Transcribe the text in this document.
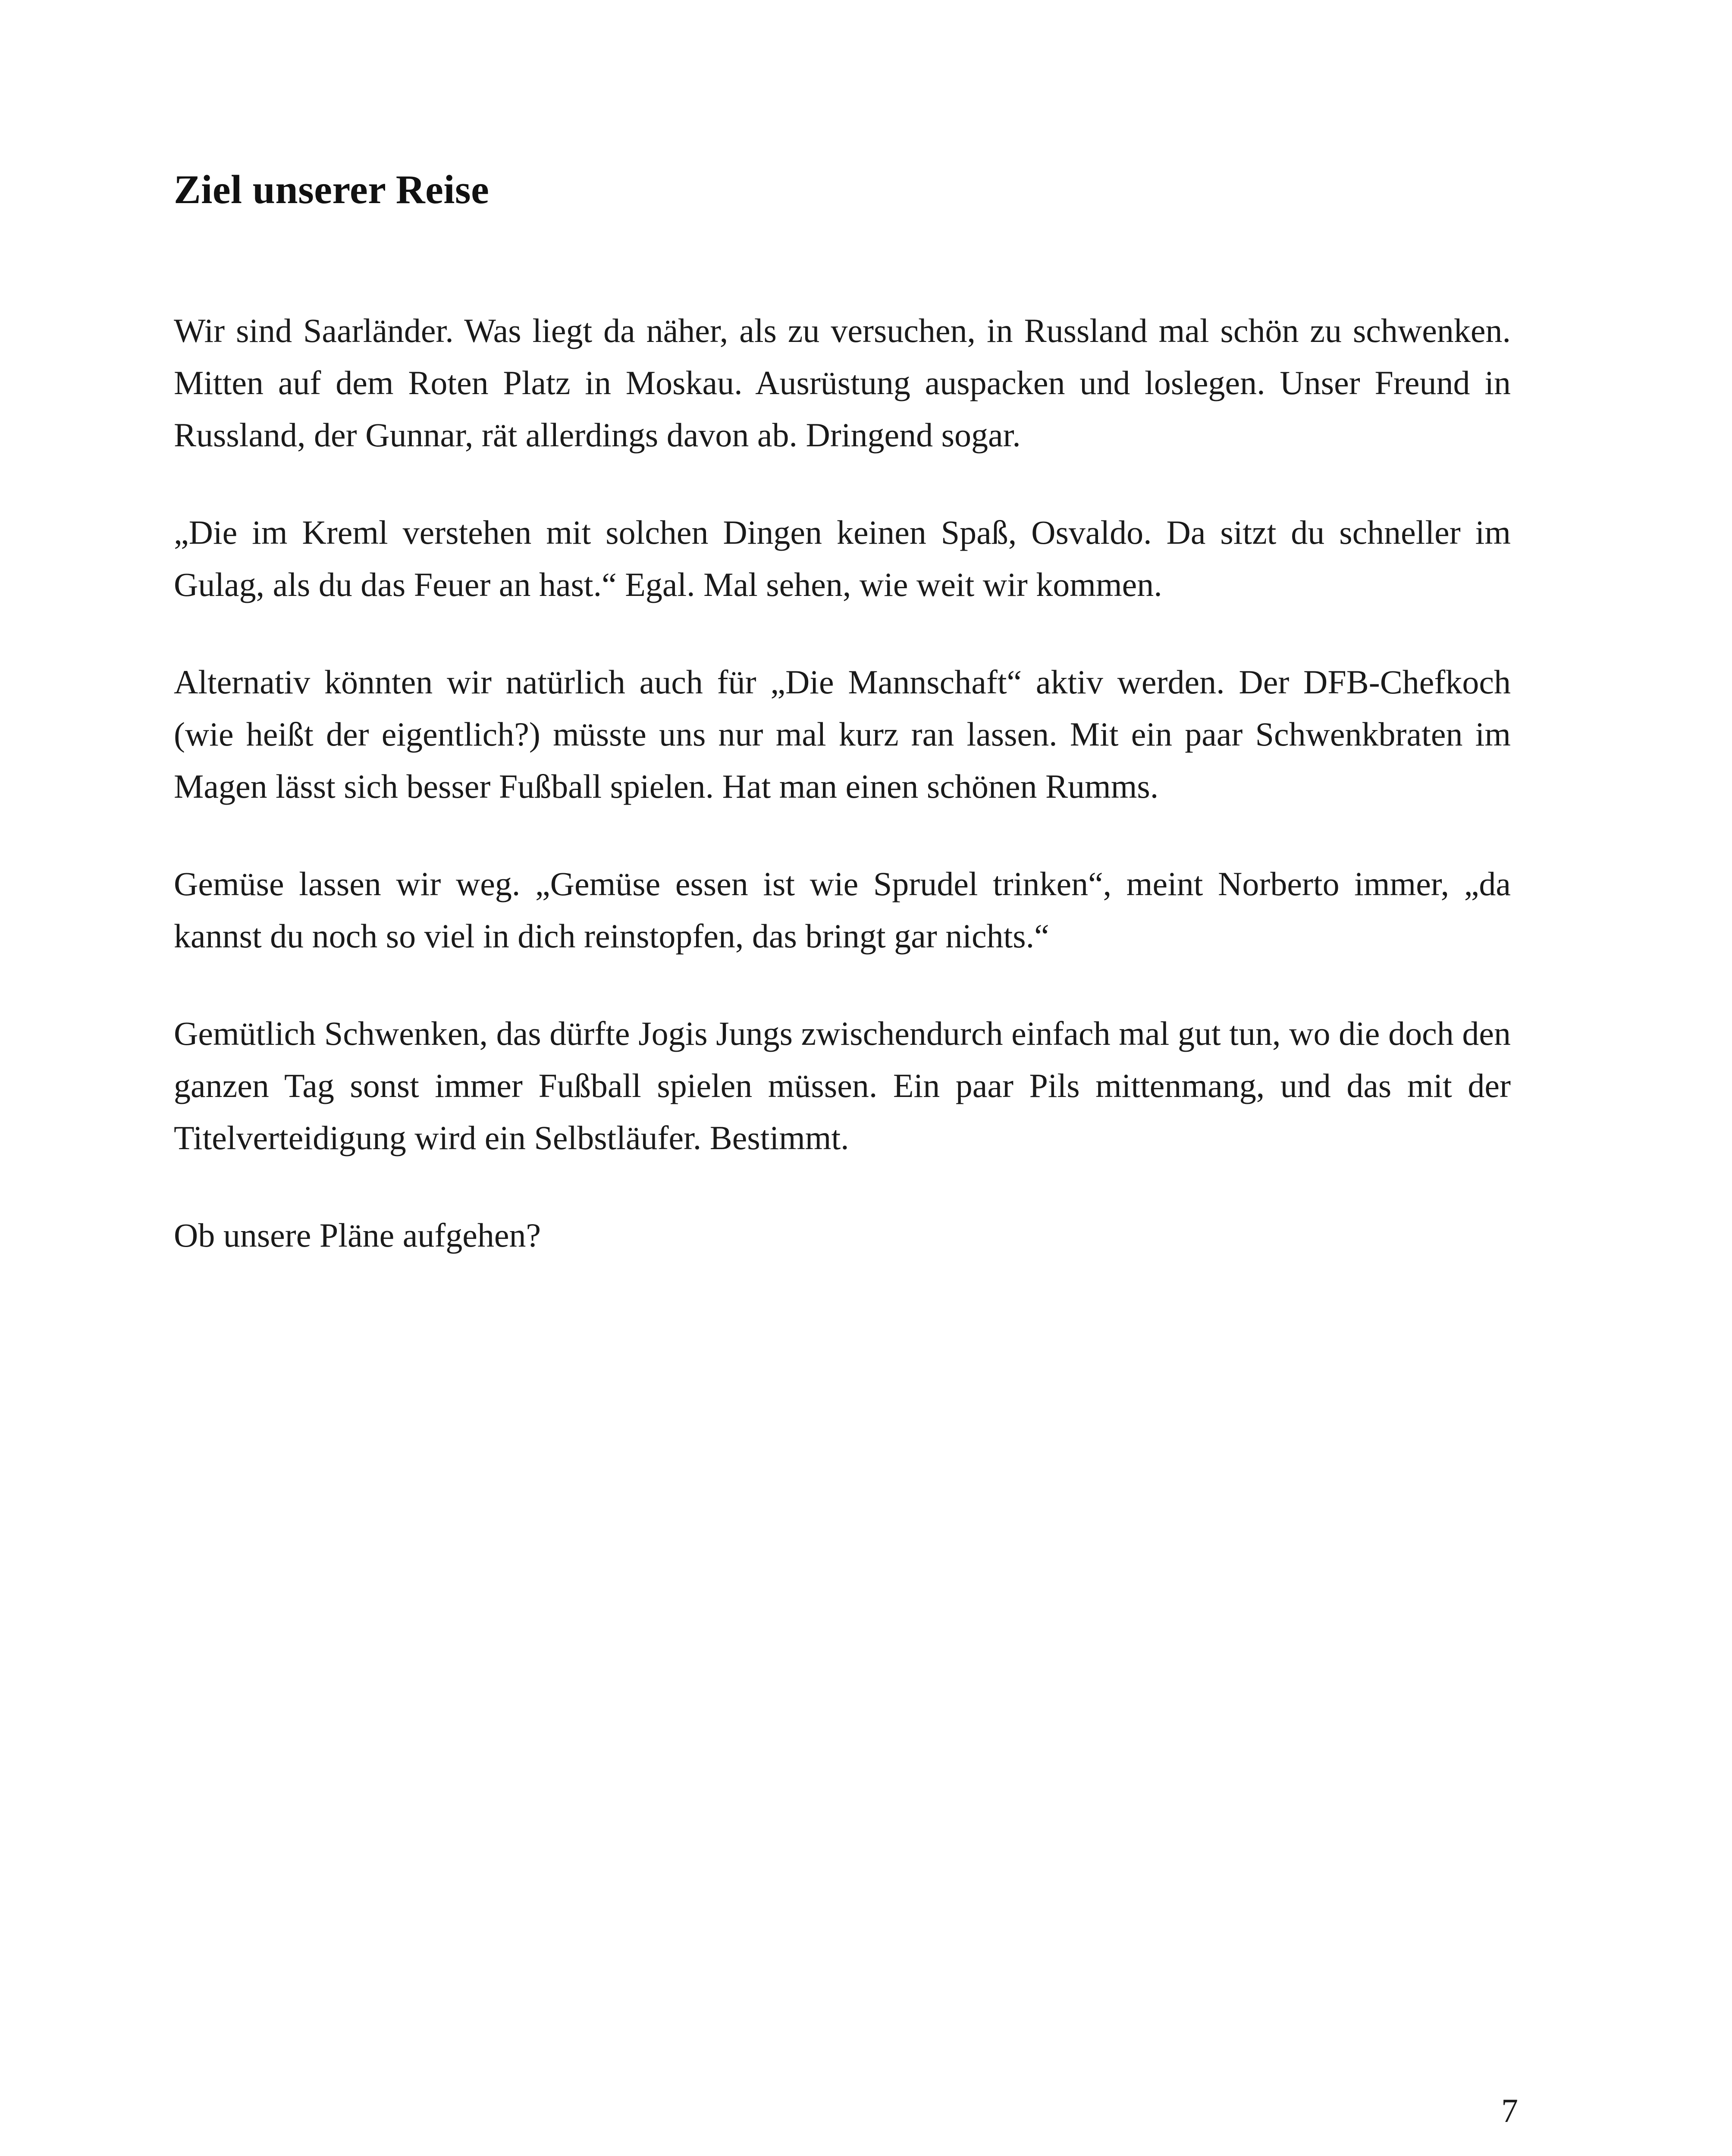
Ziel unserer Reise

Wir sind Saarländer. Was liegt da näher, als zu versuchen, in Russland mal schön zu schwenken. Mitten auf dem Roten Platz in Moskau. Ausrüstung auspacken und loslegen. Unser Freund in Russland, der Gunnar, rät allerdings davon ab. Dringend sogar.

„Die im Kreml verstehen mit solchen Dingen keinen Spaß, Osvaldo. Da sitzt du schneller im Gulag, als du das Feuer an hast.“ Egal. Mal sehen, wie weit wir kommen.

Alternativ könnten wir natürlich auch für „Die Mannschaft“ aktiv werden. Der DFB-Chefkoch (wie heißt der eigentlich?) müsste uns nur mal kurz ran lassen. Mit ein paar Schwenkbraten im Magen lässt sich besser Fußball spielen. Hat man einen schönen Rumms.

Gemüse lassen wir weg. „Gemüse essen ist wie Sprudel trinken“, meint Norberto immer, „da kannst du noch so viel in dich reinstopfen, das bringt gar nichts.“

Gemütlich Schwenken, das dürfte Jogis Jungs zwischendurch einfach mal gut tun, wo die doch den ganzen Tag sonst immer Fußball spielen müssen. Ein paar Pils mittenmang, und das mit der Titelverteidigung wird ein Selbstläufer. Bestimmt.

Ob unsere Pläne aufgehen?

7
